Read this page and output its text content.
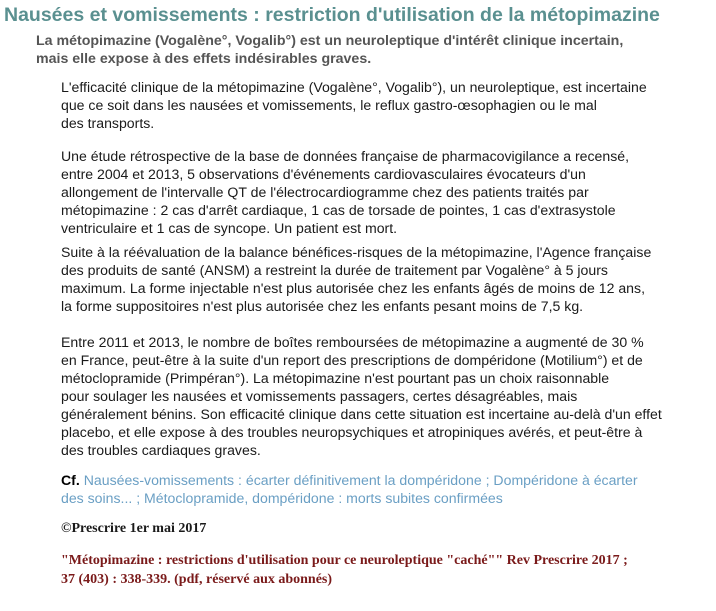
Nausées et vomissements : restriction d'utilisation de la métopimazine

La métopimazine (Vogalène°, Vogalib°) est un neuroleptique d'intérêt clinique incertain,
mais elle expose à des effets indésirables graves.

L'efficacité clinique de la métopimazine (Vogalène°, Vogalib°), un neuroleptique, est incertaine
que ce soit dans les nausées et vomissements, le reflux gastro-œsophagien ou le mal
des transports.

Une étude rétrospective de la base de données française de pharmacovigilance a recensé,
entre 2004 et 2013, 5 observations d'événements cardiovasculaires évocateurs d'un
allongement de l'intervalle QT de l'électrocardiogramme chez des patients traités par
métopimazine : 2 cas d'arrêt cardiaque, 1 cas de torsade de pointes, 1 cas d'extrasystole
ventriculaire et 1 cas de syncope. Un patient est mort.

Suite à la réévaluation de la balance bénéfices-risques de la métopimazine, l'Agence française
des produits de santé (ANSM) a restreint la durée de traitement par Vogalène° à 5 jours
maximum. La forme injectable n'est plus autorisée chez les enfants âgés de moins de 12 ans,
la forme suppositoires n'est plus autorisée chez les enfants pesant moins de 7,5 kg.

Entre 2011 et 2013, le nombre de boîtes remboursées de métopimazine a augmenté de 30 %
en France, peut-être à la suite d'un report des prescriptions de dompéridone (Motilium°) et de
métoclopramide (Primpéran°). La métopimazine n'est pourtant pas un choix raisonnable
pour soulager les nausées et vomissements passagers, certes désagréables, mais
généralement bénins. Son efficacité clinique dans cette situation est incertaine au-delà d'un effet
placebo, et elle expose à des troubles neuropsychiques et atropiniques avérés, et peut-être à
des troubles cardiaques graves.

Cf. Nausées-vomissements : écarter définitivement la dompéridone ; Dompéridone à écarter
des soins... ; Métoclopramide, dompéridone : morts subites confirmées

©Prescrire 1er mai 2017

"Métopimazine : restrictions d'utilisation pour ce neuroleptique "caché"" Rev Prescrire 2017 ;
37 (403) : 338-339. (pdf, réservé aux abonnés)
